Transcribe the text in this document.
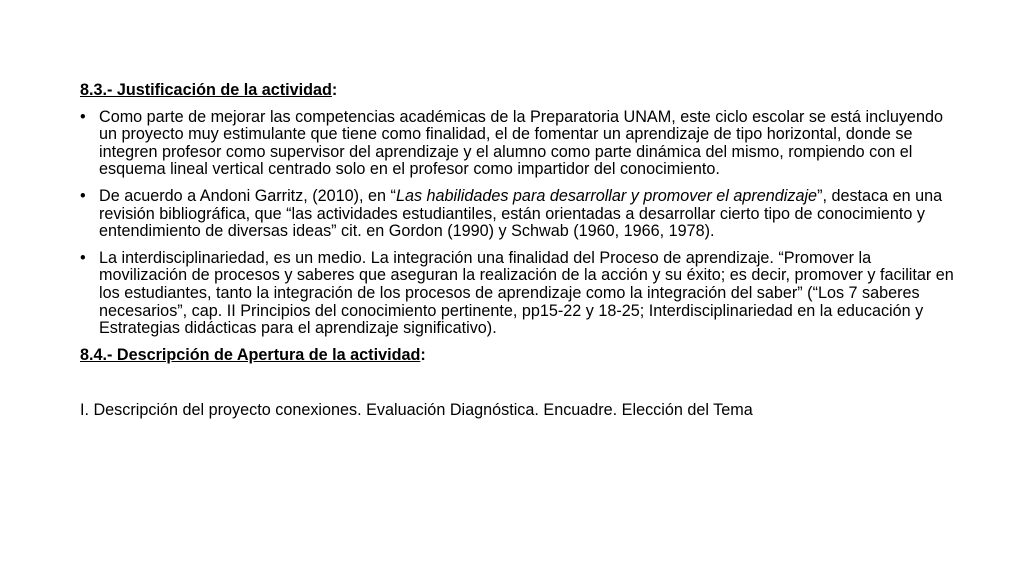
8.3.- Justificación de la actividad:
• Como parte de mejorar las competencias académicas de la Preparatoria UNAM, este ciclo escolar se está incluyendo un proyecto muy estimulante que tiene como finalidad, el de fomentar un aprendizaje de tipo horizontal, donde se integren profesor como supervisor del aprendizaje y el alumno como parte dinámica del mismo, rompiendo con el esquema lineal vertical centrado solo en el profesor como impartidor del conocimiento.
• De acuerdo a Andoni Garritz, (2010), en “Las habilidades para desarrollar y promover el aprendizaje”, destaca en una revisión bibliográfica, que “las actividades estudiantiles, están orientadas a desarrollar cierto tipo de conocimiento y entendimiento de diversas ideas” cit. en Gordon (1990) y Schwab (1960, 1966, 1978).
• La interdisciplinariedad, es un medio. La integración una finalidad del Proceso de aprendizaje. “Promover la movilización de procesos y saberes que aseguran la realización de la acción y su éxito; es decir, promover y facilitar en los estudiantes, tanto la integración de los procesos de aprendizaje como la integración del saber” (“Los 7 saberes necesarios”, cap. II Principios del conocimiento pertinente, pp15-22 y 18-25; Interdisciplinariedad en la educación y Estrategias didácticas para el aprendizaje significativo).
8.4.- Descripción de Apertura de la actividad:
I. Descripción del proyecto conexiones. Evaluación Diagnóstica. Encuadre. Elección del Tema
